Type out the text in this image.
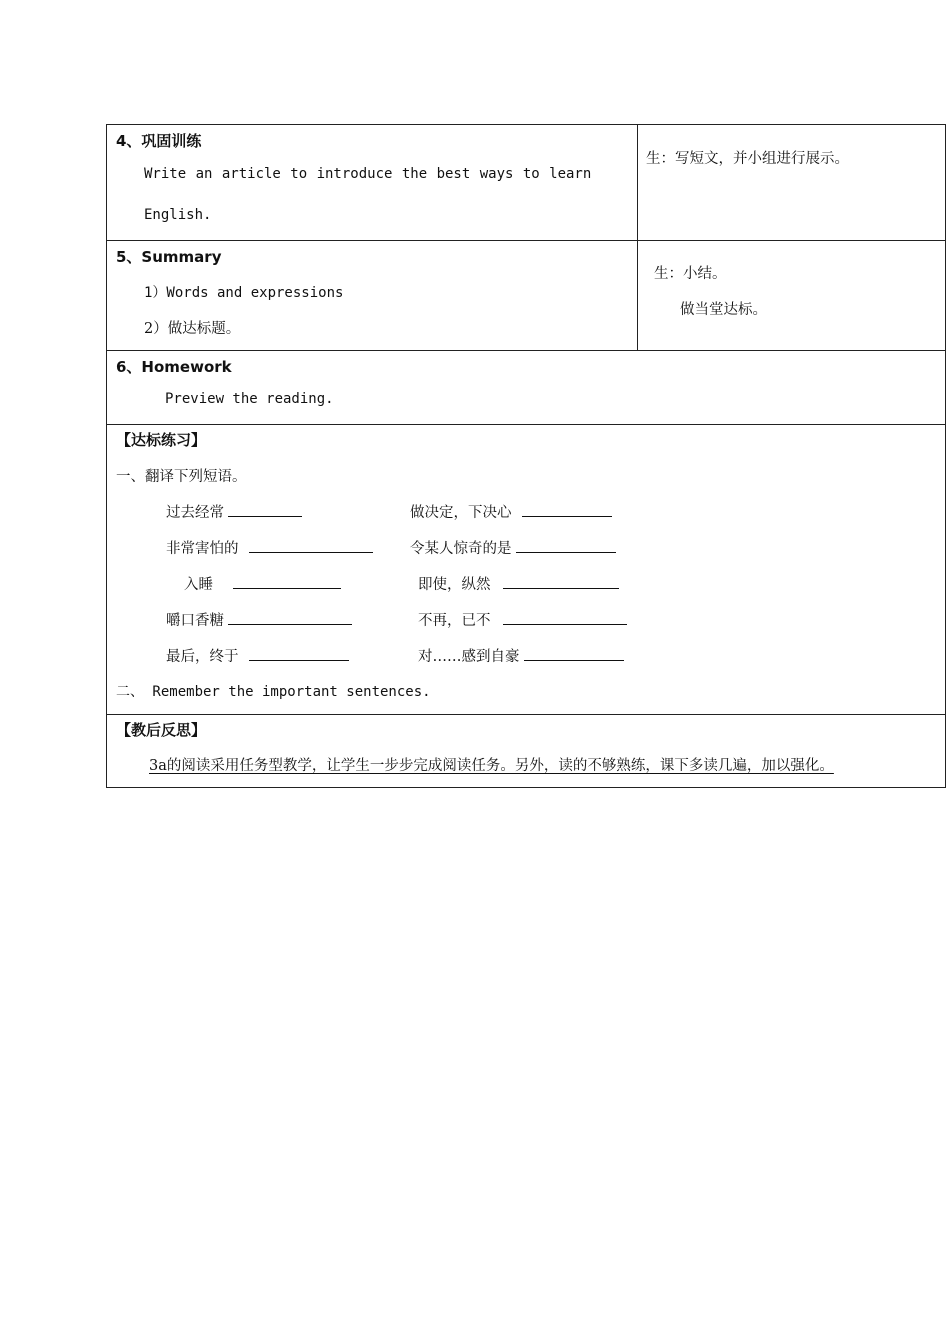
4、巩固训练
Write an article to introduce the best ways to learn
English.
生：写短文，并小组进行展示。
5、Summary
1）Words and expressions
2）做达标题。
生：小结。
做当堂达标。
6、Homework
Preview the reading.
【达标练习】
一、翻译下列短语。
过去经常	做决定，下决心
非常害怕的	令某人惊奇的是
入睡	即使，纵然
嚼口香糖	不再，已不
最后，终于	对……感到自豪
二、 Remember the important sentences.
【教后反思】
3a的阅读采用任务型教学，让学生一步步完成阅读任务。另外，读的不够熟练，课下多读几遍，加以强化。
